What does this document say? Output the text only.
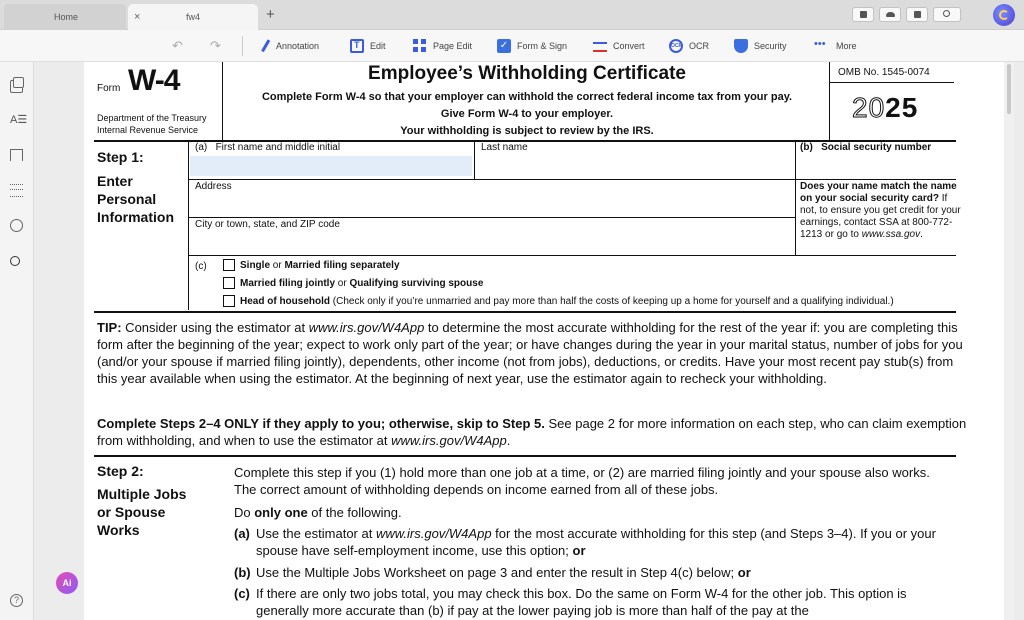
Home	×	fw4	+
↶ ↷	Annotation T	Edit	Page Edit	✓ Form & Sign	Convert	OCR OCR	Security •••	More
A☰
?
Form W-4
Department of the Treasury
Internal Revenue Service
Employee’s Withholding Certificate
Complete Form W-4 so that your employer can withhold the correct federal income tax from your pay.
Give Form W-4 to your employer.
Your withholding is subject to review by the IRS.
OMB No. 1545-0074
2025
Step 1:
Enter
Personal
Information
(a) First name and middle initial	Last name	(b) Social security number
Address	Does your name match the name on your social security card? If not, to ensure you get credit for your earnings, contact SSA at 800-772-1213 or go to www.ssa.gov.
City or town, state, and ZIP code
(c)	Single or Married filing separately
Married filing jointly or Qualifying surviving spouse
Head of household (Check only if you’re unmarried and pay more than half the costs of keeping up a home for yourself and a qualifying individual.)
TIP: Consider using the estimator at www.irs.gov/W4App to determine the most accurate withholding for the rest of the year if: you are completing this form after the beginning of the year; expect to work only part of the year; or have changes during the year in your marital status, number of jobs for you (and/or your spouse if married filing jointly), dependents, other income (not from jobs), deductions, or credits. Have your most recent pay stub(s) from this year available when using the estimator. At the beginning of next year, use the estimator again to recheck your withholding.
Complete Steps 2–4 ONLY if they apply to you; otherwise, skip to Step 5. See page 2 for more information on each step, who can claim exemption from withholding, and when to use the estimator at www.irs.gov/W4App.
Step 2:
Multiple Jobs
or Spouse
Works
Complete this step if you (1) hold more than one job at a time, or (2) are married filing jointly and your spouse also works. The correct amount of withholding depends on income earned from all of these jobs.
Do only one of the following.
(a) Use the estimator at www.irs.gov/W4App for the most accurate withholding for this step (and Steps 3–4). If you or your spouse have self-employment income, use this option; or
(b) Use the Multiple Jobs Worksheet on page 3 and enter the result in Step 4(c) below; or
(c) If there are only two jobs total, you may check this box. Do the same on Form W-4 for the other job. This option is generally more accurate than (b) if pay at the lower paying job is more than half of the pay at the
Ai
